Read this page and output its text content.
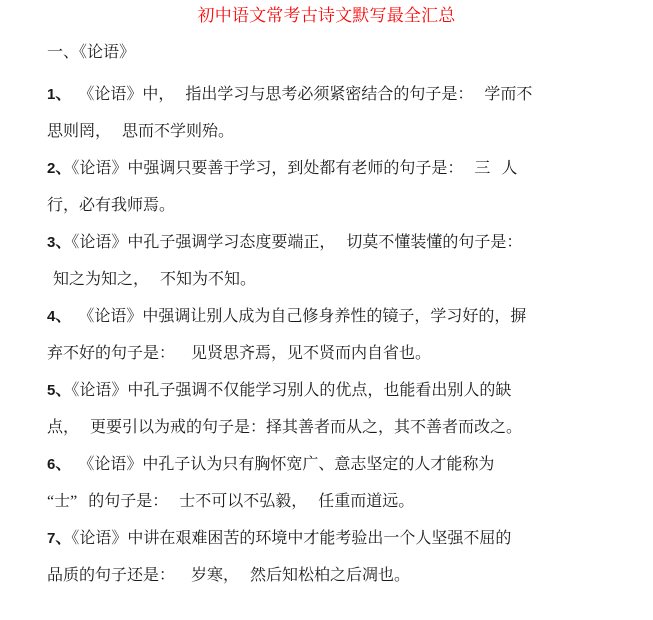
初中语文常考古诗文默写最全汇总
一、《论语》
1、 《论语》中， 指出学习与思考必须紧密结合的句子是： 学而不
思则罔， 思而不学则殆。
2、《论语》中强调只要善于学习，到处都有老师的句子是： 三 人
行，必有我师焉。
3、《论语》中孔子强调学习态度要端正， 切莫不懂装懂的句子是：
知之为知之， 不知为不知。
4、 《论语》中强调让别人成为自己修身养性的镜子，学习好的，摒
弃不好的句子是： 见贤思齐焉，见不贤而内自省也。
5、《论语》中孔子强调不仅能学习别人的优点，也能看出别人的缺
点， 更要引以为戒的句子是：择其善者而从之，其不善者而改之。
6、 《论语》中孔子认为只有胸怀宽广、意志坚定的人才能称为
“士” 的句子是： 士不可以不弘毅， 任重而道远。
7、《论语》中讲在艰难困苦的环境中才能考验出一个人坚强不屈的
品质的句子还是： 岁寒， 然后知松柏之后凋也。
